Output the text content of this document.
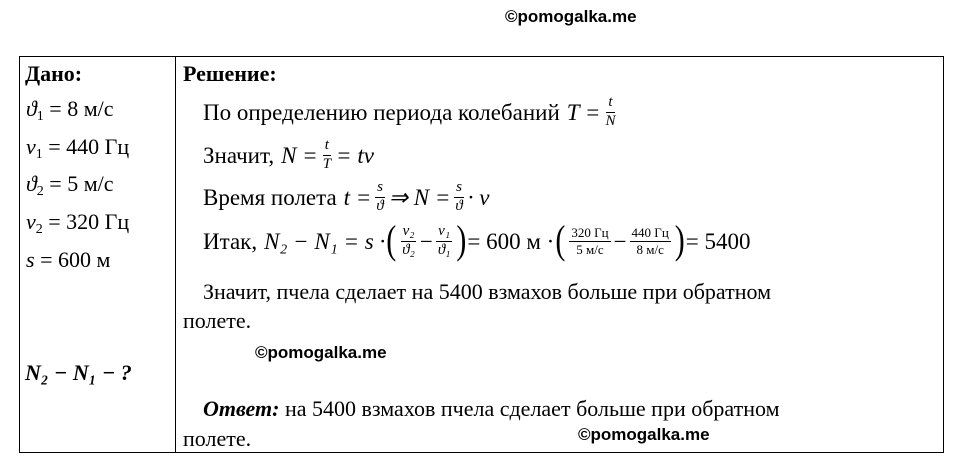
©pomogalka.me
Дано:
$ϑ_1 = 8$ м/с
$\nu_1 = 440$ Гц
$ϑ_2 = 5$ м/с
$\nu_2 = 320$ Гц
s = 600 м
N₂ − N₁ − ?
Решение:
По определению периода колебаний $T = \frac{t}{N}$
Значит, $N = \frac{t}{T} = t\nu$
Время полета $t = \frac{s}{ϑ}$ ⇒ $N = \frac{s}{ϑ} \cdot \nu$
Итак, N₂ − N₁ = s · ( $\frac{\text{ν₂}}{\text{ϑ₂}} - \frac{\text{ν₁}}{\text{ϑ₁}}$ ) = 600 м · ( $\frac{320 Гц}{5 м/с} - \frac{440 Гц}{8 м/с}$ ) = 5400
Значит, пчела сделает на 5400 взмахов больше при обратном
полете.
©pomogalka.me
Ответ: на 5400 взмахов пчела сделает больше при обратном
полете.	©pomogalka.me
